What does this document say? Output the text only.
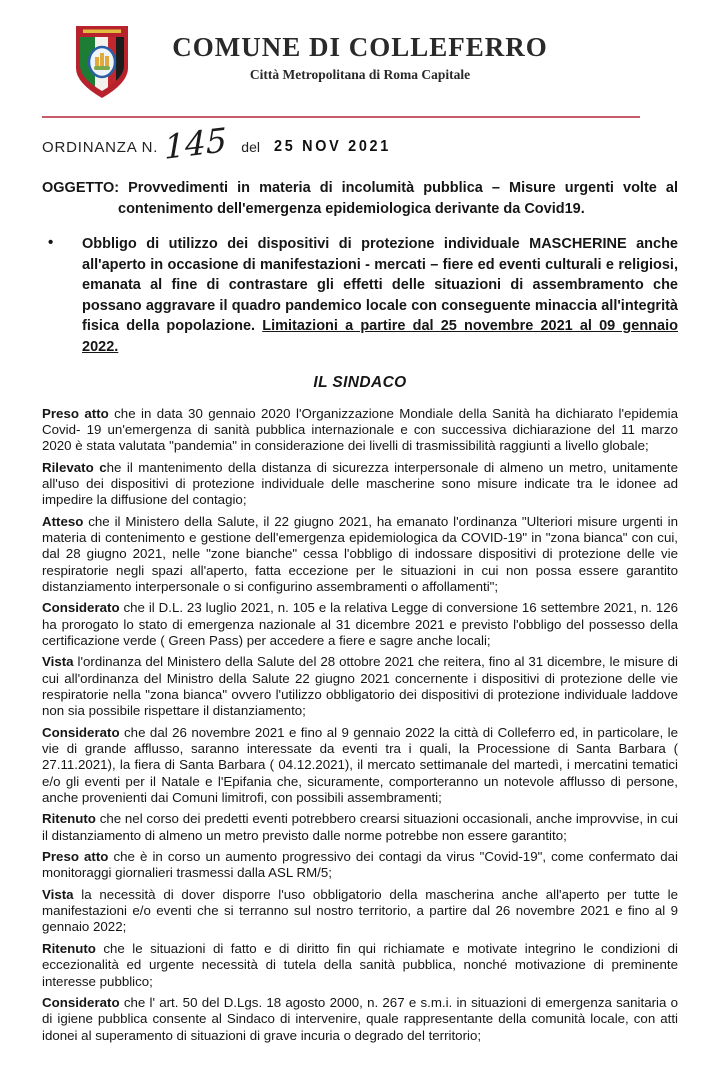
COMUNE DI COLLEFERRO
Città Metropolitana di Roma Capitale
ORDINANZA N. 145 del 25 NOV 2021

OGGETTO: Provvedimenti in materia di incolumità pubblica – Misure urgenti volte al contenimento dell'emergenza epidemiologica derivante da Covid19.

•	Obbligo di utilizzo dei dispositivi di protezione individuale MASCHERINE anche all'aperto in occasione di manifestazioni - mercati – fiere ed eventi culturali e religiosi, emanata al fine di contrastare gli effetti delle situazioni di assembramento che possano aggravare il quadro pandemico locale con conseguente minaccia all'integrità fisica della popolazione. Limitazioni a partire dal 25 novembre 2021 al 09 gennaio 2022.
IL SINDACO

Preso atto che in data 30 gennaio 2020 l'Organizzazione Mondiale della Sanità ha dichiarato l'epidemia Covid- 19 un'emergenza di sanità pubblica internazionale e con successiva dichiarazione del 11 marzo 2020 è stata valutata "pandemia" in considerazione dei livelli di trasmissibilità raggiunti a livello globale;

Rilevato che il mantenimento della distanza di sicurezza interpersonale di almeno un metro, unitamente all'uso dei dispositivi di protezione individuale delle mascherine sono misure indicate tra le idonee ad impedire la diffusione del contagio;

Atteso che il Ministero della Salute, il 22 giugno 2021, ha emanato l'ordinanza "Ulteriori misure urgenti in materia di contenimento e gestione dell'emergenza epidemiologica da COVID-19" in "zona bianca" con cui, dal 28 giugno 2021, nelle "zone bianche" cessa l'obbligo di indossare dispositivi di protezione delle vie respiratorie negli spazi all'aperto, fatta eccezione per le situazioni in cui non possa essere garantito distanziamento interpersonale o si configurino assembramenti o affollamenti";

Considerato che il D.L. 23 luglio 2021, n. 105 e la relativa Legge di conversione 16 settembre 2021, n. 126 ha prorogato lo stato di emergenza nazionale al 31 dicembre 2021 e previsto l'obbligo del possesso della certificazione verde ( Green Pass) per accedere a fiere e sagre anche locali;

Vista l'ordinanza del Ministero della Salute del 28 ottobre 2021 che reitera, fino al 31 dicembre, le misure di cui all'ordinanza del Ministro della Salute 22 giugno 2021 concernente i dispositivi di protezione delle vie respiratorie nella "zona bianca" ovvero l'utilizzo obbligatorio dei dispositivi di protezione individuale laddove non sia possibile rispettare il distanziamento;

Considerato che dal 26 novembre 2021 e fino al 9 gennaio 2022 la città di Colleferro ed, in particolare, le vie di grande afflusso, saranno interessate da eventi tra i quali, la Processione di Santa Barbara ( 27.11.2021), la fiera di Santa Barbara ( 04.12.2021), il mercato settimanale del martedì, i mercatini tematici e/o gli eventi per il Natale e l'Epifania che, sicuramente, comporteranno un notevole afflusso di persone, anche provenienti dai Comuni limitrofi, con possibili assembramenti;

Ritenuto che nel corso dei predetti eventi potrebbero crearsi situazioni occasionali, anche improvvise, in cui il distanziamento di almeno un metro previsto dalle norme potrebbe non essere garantito;

Preso atto che è in corso un aumento progressivo dei contagi da virus "Covid-19", come confermato dai monitoraggi giornalieri trasmessi dalla ASL RM/5;

Vista la necessità di dover disporre l'uso obbligatorio della mascherina anche all'aperto per tutte le manifestazioni e/o eventi che si terranno sul nostro territorio, a partire dal 26 novembre 2021 e fino al 9 gennaio 2022;

Ritenuto che le situazioni di fatto e di diritto fin qui richiamate e motivate integrino le condizioni di eccezionalità ed urgente necessità di tutela della sanità pubblica, nonché motivazione di preminente interesse pubblico;

Considerato che l' art. 50 del D.Lgs. 18 agosto 2000, n. 267 e s.m.i. in situazioni di emergenza sanitaria o di igiene pubblica consente al Sindaco di intervenire, quale rappresentante della comunità locale, con atti idonei al superamento di situazioni di grave incuria o degrado del territorio;
